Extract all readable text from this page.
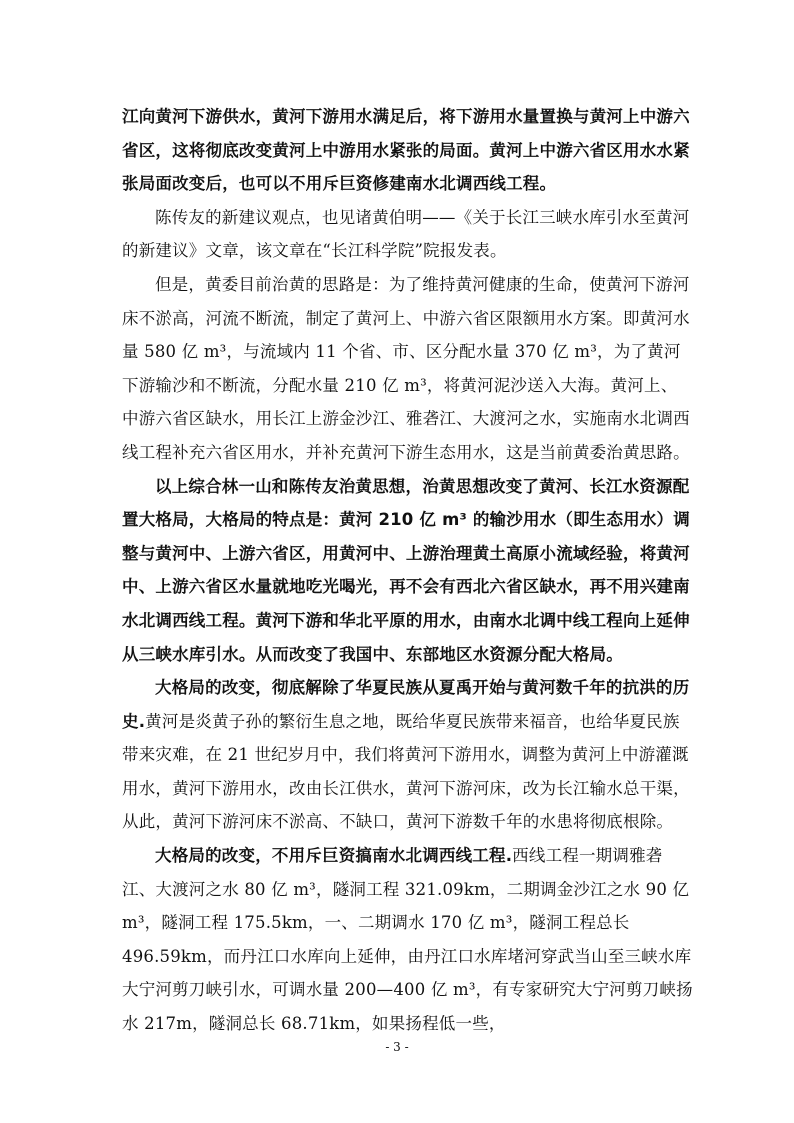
江向黄河下游供水，黄河下游用水满足后，将下游用水量置换与黄河上中游六省区，这将彻底改变黄河上中游用水紧张的局面。黄河上中游六省区用水水紧张局面改变后，也可以不用斥巨资修建南水北调西线工程。

陈传友的新建议观点，也见诸黄伯明——《关于长江三峡水库引水至黄河的新建议》文章，该文章在“长江科学院”院报发表。

但是，黄委目前治黄的思路是：为了维持黄河健康的生命，使黄河下游河床不淤高，河流不断流，制定了黄河上、中游六省区限额用水方案。即黄河水量 580 亿 m³，与流域内 11 个省、市、区分配水量 370 亿 m³，为了黄河下游输沙和不断流，分配水量 210 亿 m³，将黄河泥沙送入大海。黄河上、中游六省区缺水，用长江上游金沙江、雅砻江、大渡河之水，实施南水北调西线工程补充六省区用水，并补充黄河下游生态用水，这是当前黄委治黄思路。

以上综合林一山和陈传友治黄思想，治黄思想改变了黄河、长江水资源配置大格局，大格局的特点是：黄河 210 亿 m³ 的输沙用水（即生态用水）调整与黄河中、上游六省区，用黄河中、上游治理黄土高原小流域经验，将黄河中、上游六省区水量就地吃光喝光，再不会有西北六省区缺水，再不用兴建南水北调西线工程。黄河下游和华北平原的用水，由南水北调中线工程向上延伸从三峡水库引水。从而改变了我国中、东部地区水资源分配大格局。

大格局的改变，彻底解除了华夏民族从夏禹开始与黄河数千年的抗洪的历史.黄河是炎黄子孙的繁衍生息之地，既给华夏民族带来福音，也给华夏民族带来灾难，在 21 世纪岁月中，我们将黄河下游用水，调整为黄河上中游灌溉用水，黄河下游用水，改由长江供水，黄河下游河床，改为长江输水总干渠，从此，黄河下游河床不淤高、不缺口，黄河下游数千年的水患将彻底根除。

大格局的改变，不用斥巨资搞南水北调西线工程.西线工程一期调雅砻江、大渡河之水 80 亿 m³，隧洞工程 321.09km，二期调金沙江之水 90 亿 m³，隧洞工程 175.5km，一、二期调水 170 亿 m³，隧洞工程总长 496.59km，而丹江口水库向上延伸，由丹江口水库堵河穿武当山至三峡水库大宁河剪刀峡引水，可调水量 200—400 亿 m³，有专家研究大宁河剪刀峡扬水 217m，隧洞总长 68.71km，如果扬程低一些，

- 3 -
